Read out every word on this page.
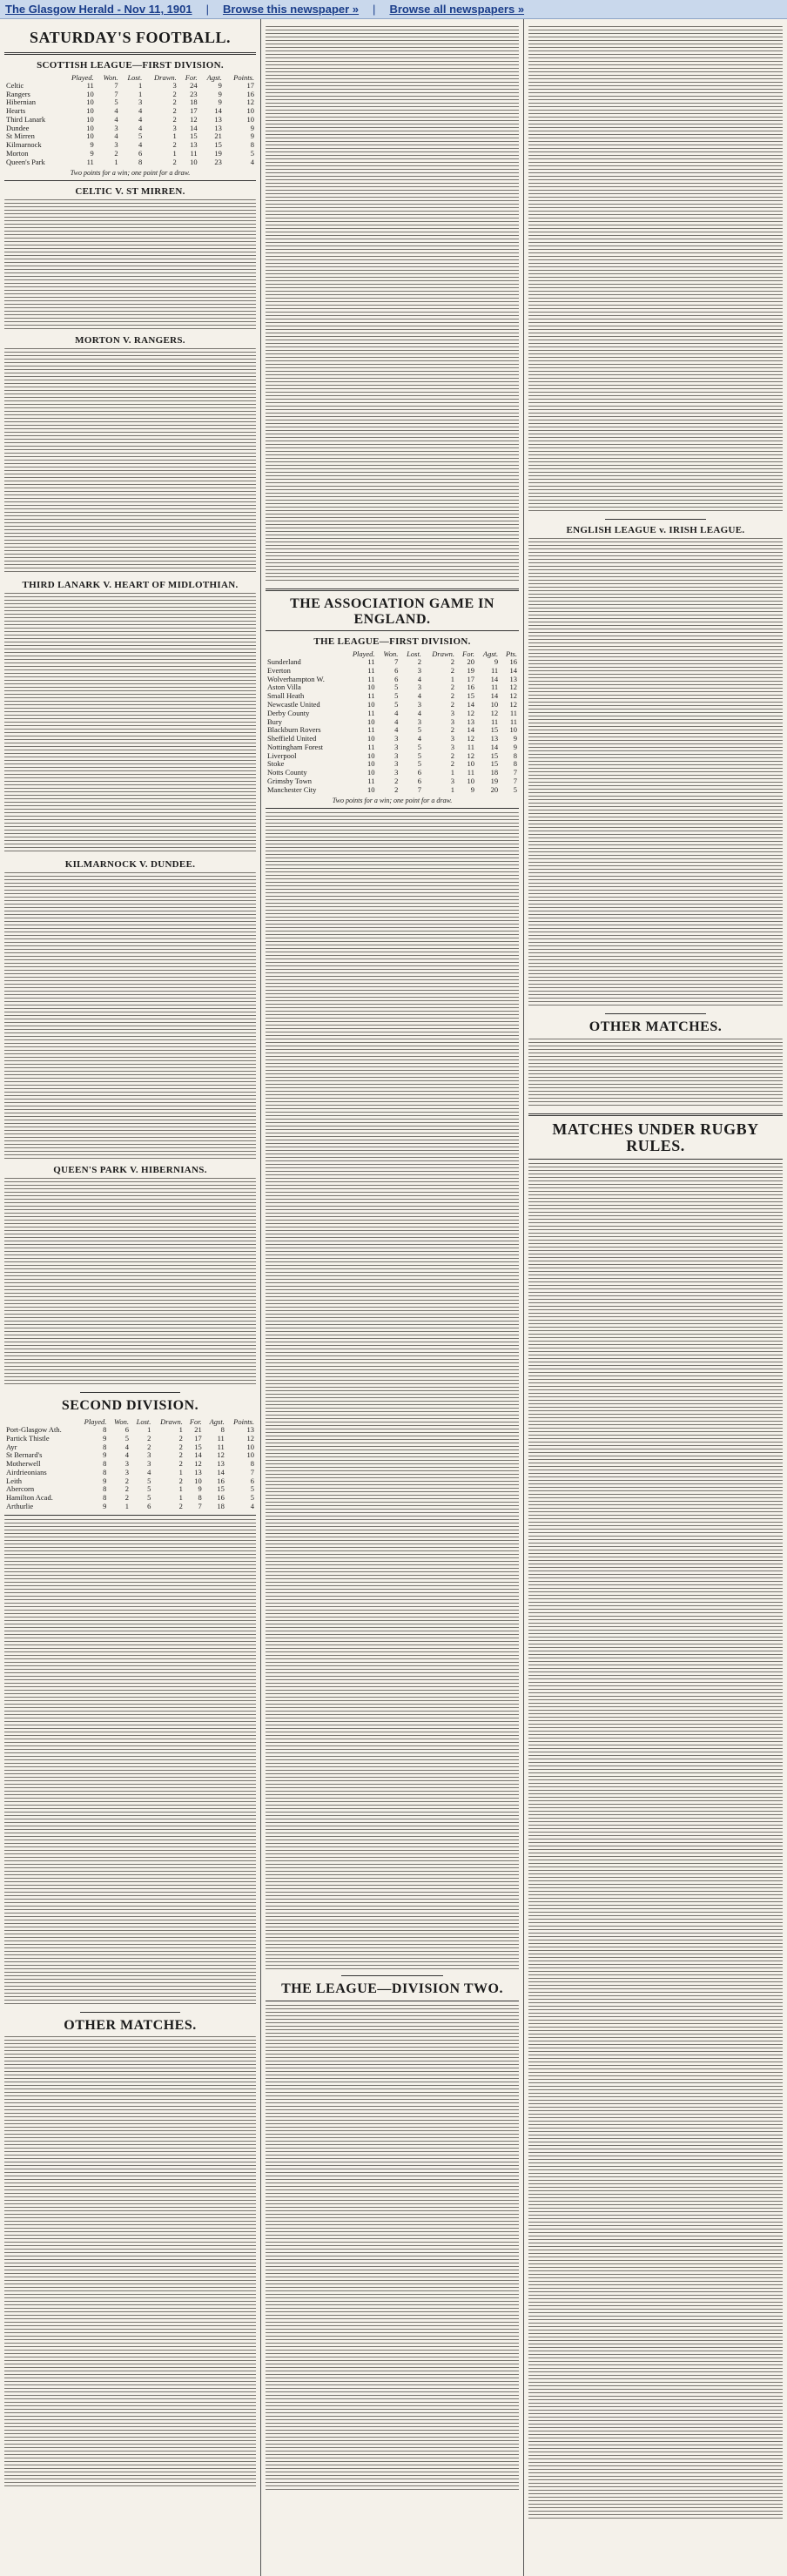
The Glasgow Herald - Nov 11, 1901 | Browse this newspaper » | Browse all newspapers »
SATURDAY'S FOOTBALL.
SCOTTISH LEAGUE—FIRST DIVISION.
	Played.	Won.	Lost.	Drawn.	For.	Agst.	Points.
Celtic	11	7	1	3	24	9	17
Rangers	10	7	1	2	23	9	16
Hibernian	10	5	3	2	18	9	12
Hearts	10	4	4	2	17	14	10
Third Lanark	10	4	4	2	12	13	10
Dundee	10	3	4	3	14	13	9
St Mirren	10	4	5	1	15	21	9
Kilmarnock	9	3	4	2	13	15	8
Morton	9	2	6	1	11	19	5
Queen's Park	11	1	8	2	10	23	4
Two points for a win; one point for a draw.
CELTIC V. ST MIRREN.
MORTON V. RANGERS.
THIRD LANARK V. HEART OF MIDLOTHIAN.
KILMARNOCK V. DUNDEE.
QUEEN'S PARK V. HIBERNIANS.
SECOND DIVISION.
	Played.	Won.	Lost.	Drawn.	For.	Agst.	Points.
Port-Glasgow Ath.	8	6	1	1	21	8	13
Partick Thistle	9	5	2	2	17	11	12
Ayr	8	4	2	2	15	11	10
St Bernard's	9	4	3	2	14	12	10
Motherwell	8	3	3	2	12	13	8
Airdrieonians	8	3	4	1	13	14	7
Leith	9	2	5	2	10	16	6
Abercorn	8	2	5	1	9	15	5
Hamilton Acad.	8	2	5	1	8	16	5
Arthurlie	9	1	6	2	7	18	4
OTHER MATCHES.
THE ASSOCIATION GAME IN ENGLAND.
THE LEAGUE—FIRST DIVISION.
	Played.	Won.	Lost.	Drawn.	For.	Agst.	Pts.
Sunderland	11	7	2	2	20	9	16
Everton	11	6	3	2	19	11	14
Wolverhampton W.	11	6	4	1	17	14	13
Aston Villa	10	5	3	2	16	11	12
Small Heath	11	5	4	2	15	14	12
Newcastle United	10	5	3	2	14	10	12
Derby County	11	4	4	3	12	12	11
Bury	10	4	3	3	13	11	11
Blackburn Rovers	11	4	5	2	14	15	10
Sheffield United	10	3	4	3	12	13	9
Nottingham Forest	11	3	5	3	11	14	9
Liverpool	10	3	5	2	12	15	8
Stoke	10	3	5	2	10	15	8
Notts County	10	3	6	1	11	18	7
Grimsby Town	11	2	6	3	10	19	7
Manchester City	10	2	7	1	9	20	5
Two points for a win; one point for a draw.
THE LEAGUE—DIVISION TWO.
ENGLISH LEAGUE v. IRISH LEAGUE.
OTHER MATCHES.
MATCHES UNDER RUGBY RULES.
